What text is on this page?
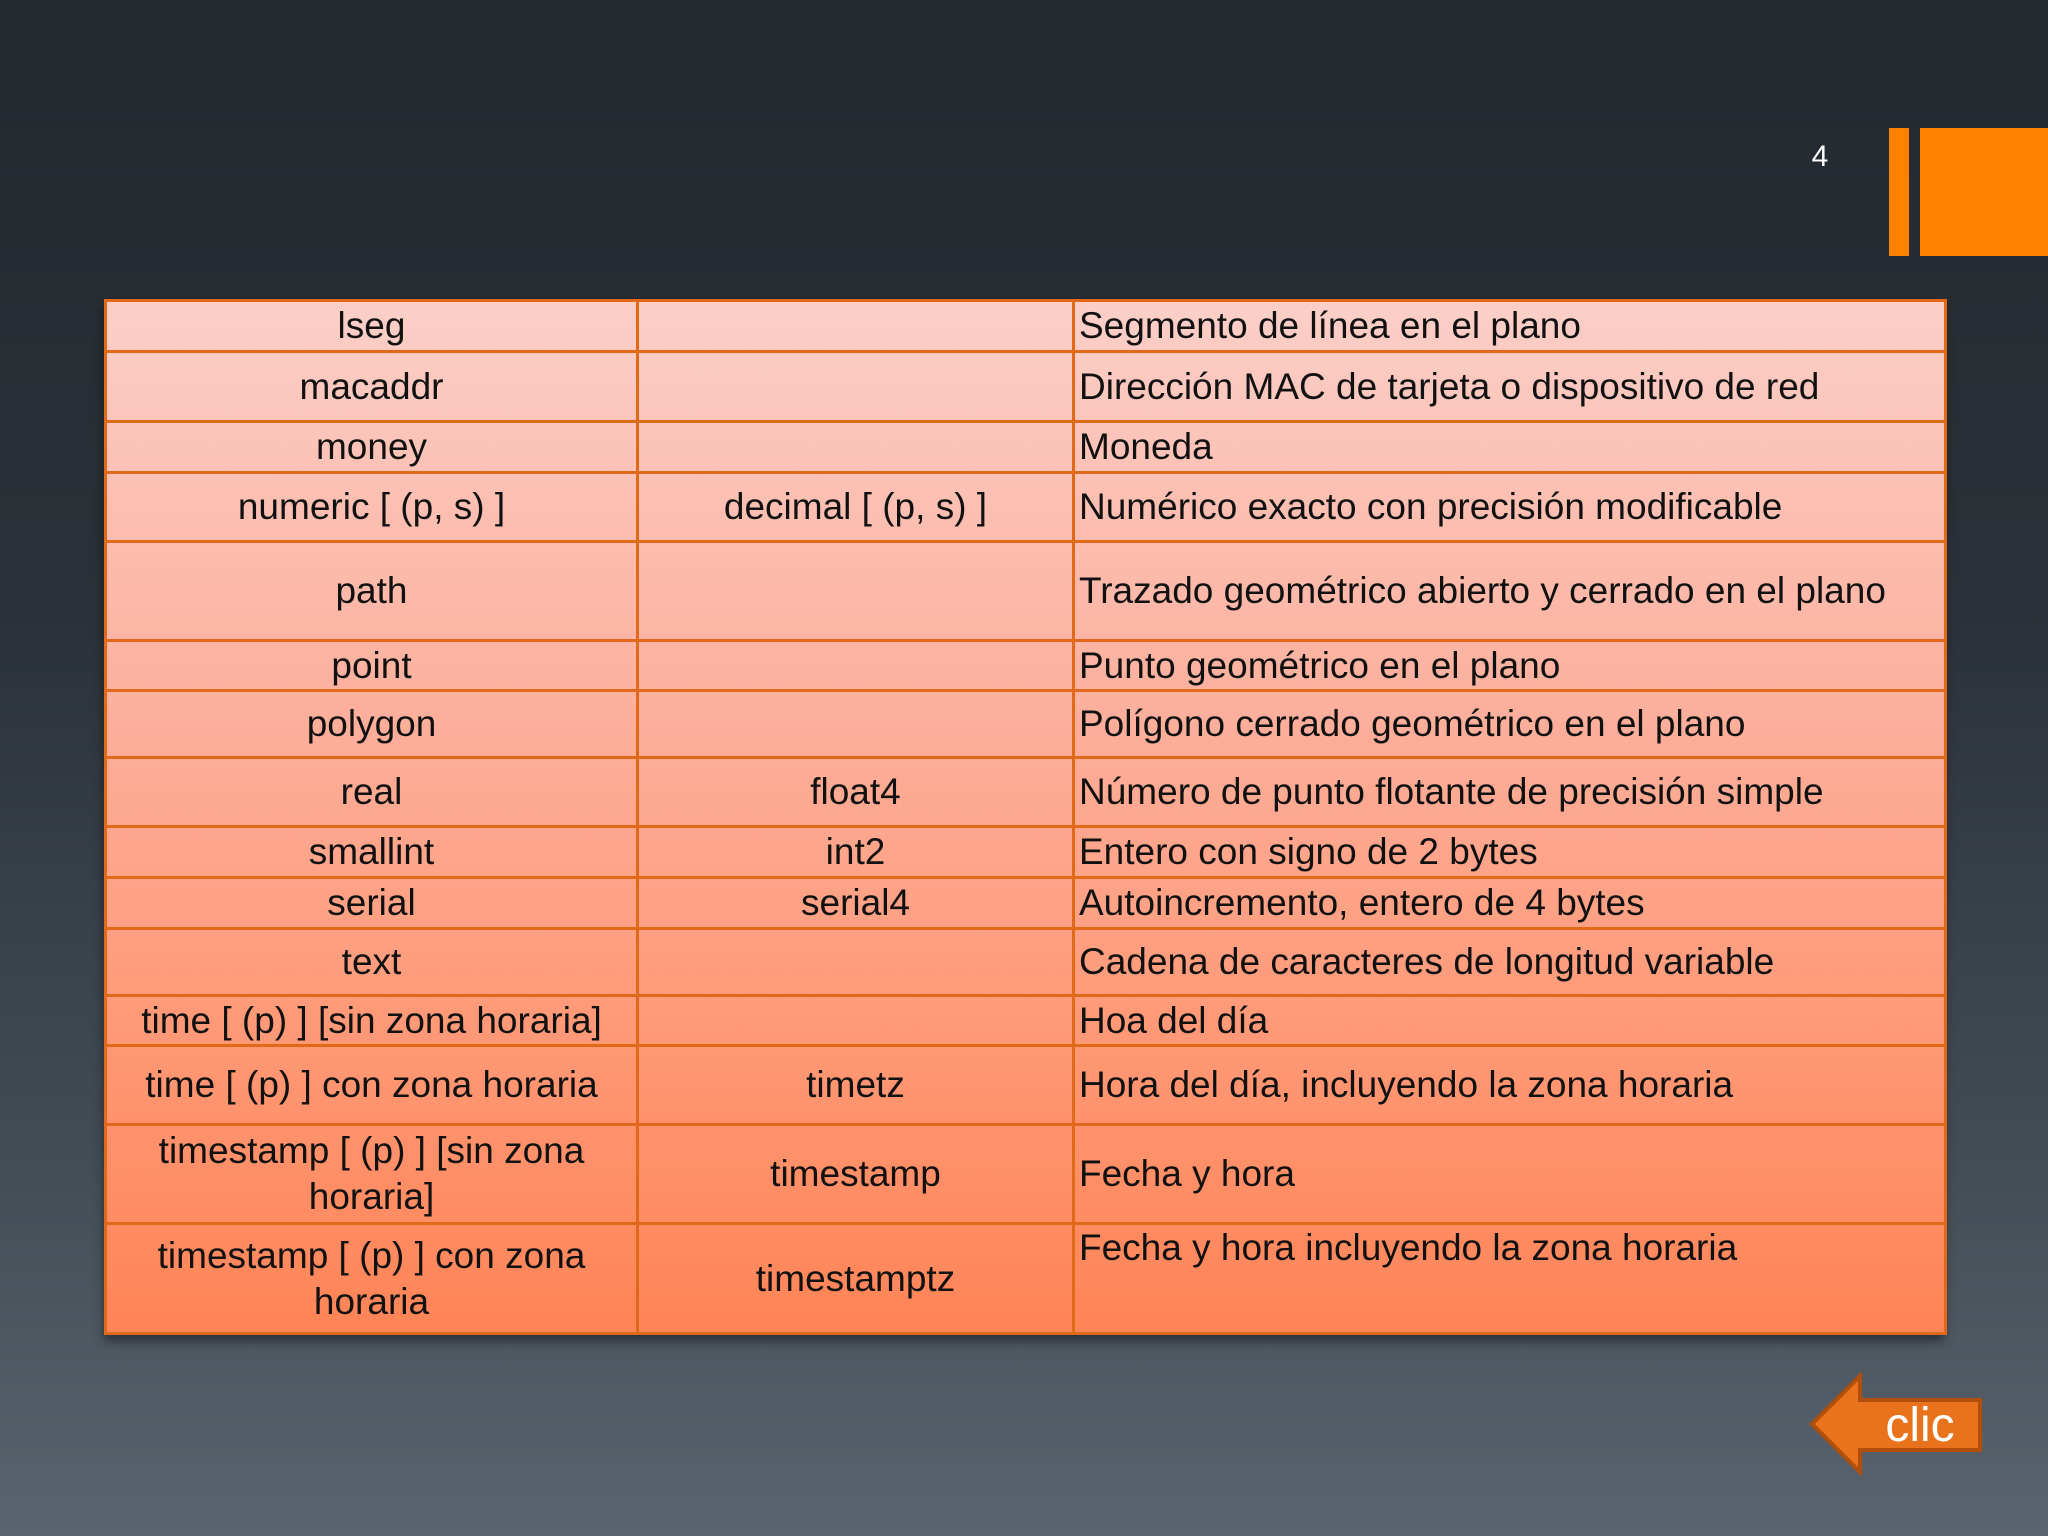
4
lseg		Segmento de línea en el plano
macaddr		Dirección MAC de tarjeta o dispositivo de red
money		Moneda
numeric [ (p, s) ]	decimal [ (p, s) ]	Numérico exacto con precisión modificable
path		Trazado geométrico abierto y cerrado en el plano
point		Punto geométrico en el plano
polygon		Polígono cerrado geométrico en el plano
real	float4	Número de punto flotante de precisión simple
smallint	int2	Entero con signo de 2 bytes
serial	serial4	Autoincremento, entero de 4 bytes
text		Cadena de caracteres de longitud variable
time [ (p) ] [sin zona horaria]		Hoa del día
time [ (p) ] con zona horaria	timetz	Hora del día, incluyendo la zona horaria
timestamp [ (p) ] [sin zona horaria]	timestamp	Fecha y hora
timestamp [ (p) ] con zona horaria	timestamptz	Fecha y hora incluyendo la zona horaria
clic
